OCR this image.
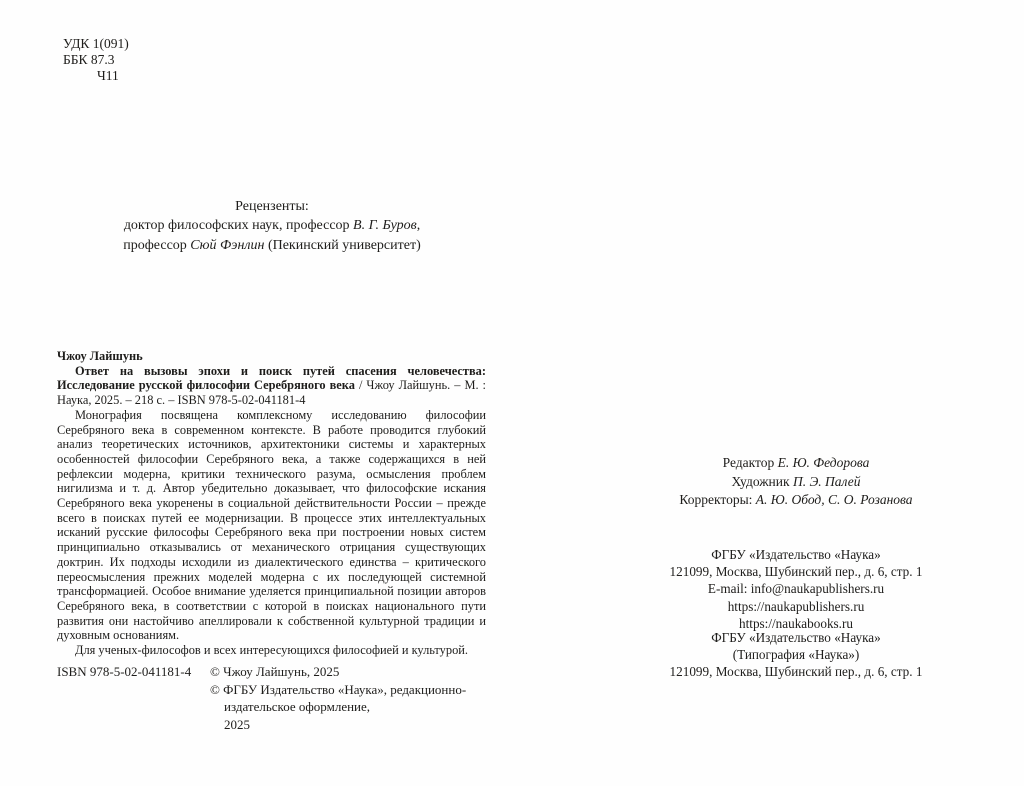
УДК 1(091)
ББК 87.3
Ч11
Рецензенты:
доктор философских наук, профессор В. Г. Буров,
профессор Сюй Фэнлин (Пекинский университет)
Чжоу Лайшунь

Ответ на вызовы эпохи и поиск путей спасения человечества: Исследование русской философии Серебряного века / Чжоу Лайшунь. – М. : Наука, 2025. – 218 с. – ISBN 978-5-02-041181-4

Монография посвящена комплексному исследованию философии Серебряного века в современном контексте. В работе проводится глубокий анализ теоретических источников, архитектоники системы и характерных особенностей философии Серебряного века, а также содержащихся в ней рефлексии модерна, критики технического разума, осмысления проблем нигилизма и т. д. Автор убедительно доказывает, что философские искания Серебряного века укоренены в социальной действительности России – прежде всего в поисках путей ее модернизации. В процессе этих интеллектуальных исканий русские философы Серебряного века при построении новых систем принципиально отказывались от механического отрицания существующих доктрин. Их подходы исходили из диалектического единства – критического переосмысления прежних моделей модерна с их последующей системной трансформацией. Особое внимание уделяется принципиальной позиции авторов Серебряного века, в соответствии с которой в поисках национального пути развития они настойчиво апеллировали к собственной культурной традиции и духовным основаниям.

Для ученых-философов и всех интересующихся философией и культурой.

ISBN 978-5-02-041181-4 © Чжоу Лайшунь, 2025
© ФГБУ Издательство «Наука», редакционно-
издательское оформление,
2025
Редактор Е. Ю. Федорова
Художник П. Э. Палей
Корректоры: А. Ю. Обод, С. О. Розанова
ФГБУ «Издательство «Наука»
121099, Москва, Шубинский пер., д. 6, стр. 1
E-mail: info@naukapublishers.ru
https://naukapublishers.ru
https://naukabooks.ru
ФГБУ «Издательство «Наука»
(Типография «Наука»)
121099, Москва, Шубинский пер., д. 6, стр. 1
